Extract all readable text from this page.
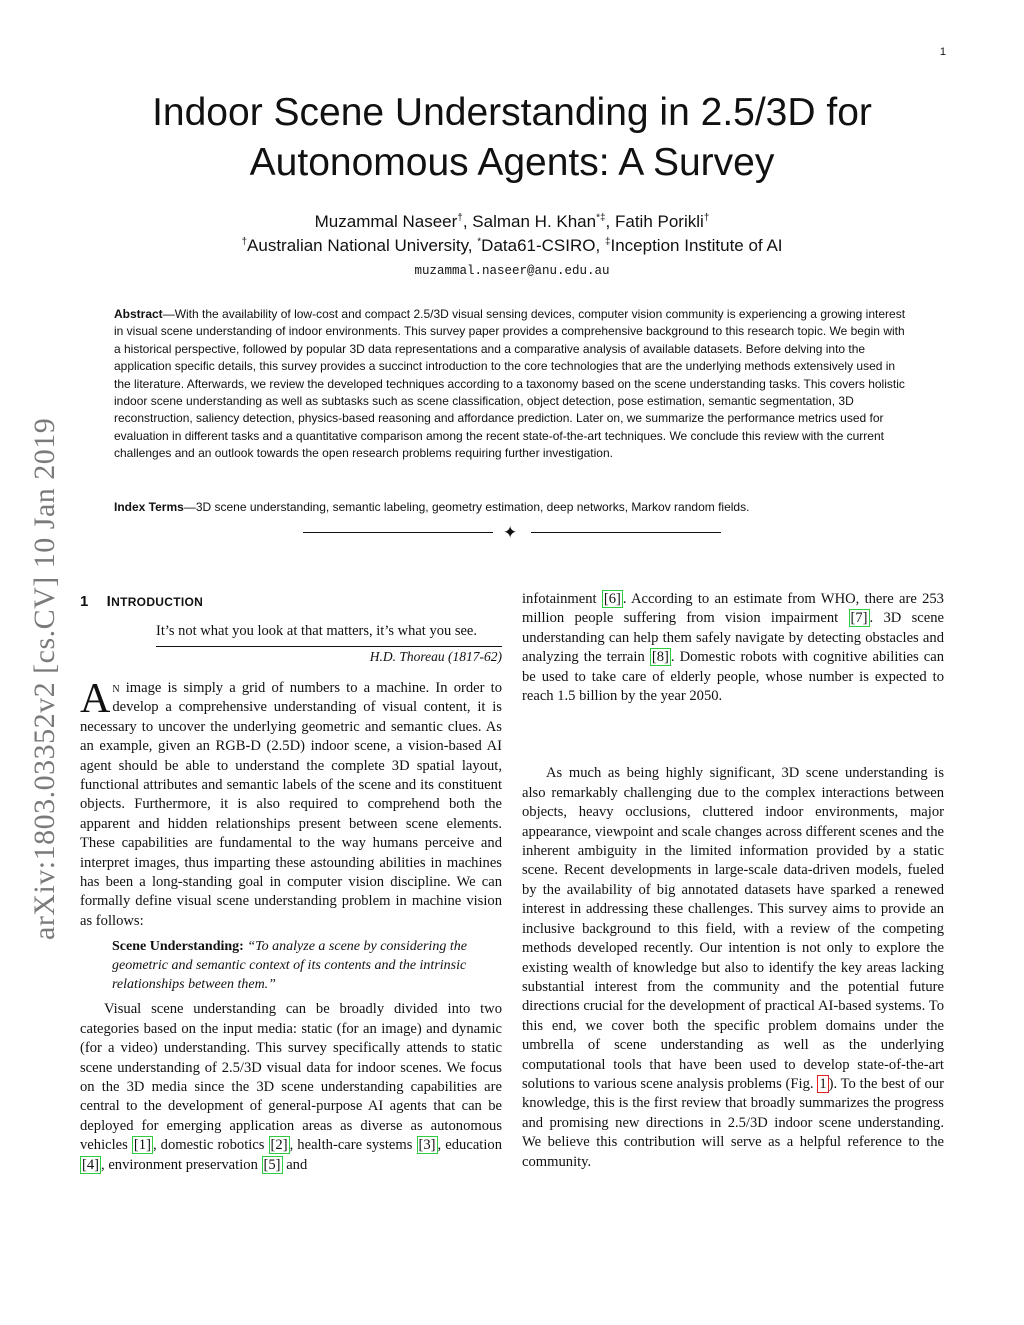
1
arXiv:1803.03352v2 [cs.CV] 10 Jan 2019
Indoor Scene Understanding in 2.5/3D for
Autonomous Agents: A Survey
Muzammal Naseer†, Salman H. Khan*‡, Fatih Porikli†
†Australian National University, *Data61-CSIRO, ‡Inception Institute of AI
muzammal.naseer@anu.edu.au
Abstract—With the availability of low-cost and compact 2.5/3D visual sensing devices, computer vision community is experiencing a growing interest in visual scene understanding of indoor environments. This survey paper provides a comprehensive background to this research topic. We begin with a historical perspective, followed by popular 3D data representations and a comparative analysis of available datasets. Before delving into the application specific details, this survey provides a succinct introduction to the core technologies that are the underlying methods extensively used in the literature. Afterwards, we review the developed techniques according to a taxonomy based on the scene understanding tasks. This covers holistic indoor scene understanding as well as subtasks such as scene classification, object detection, pose estimation, semantic segmentation, 3D reconstruction, saliency detection, physics-based reasoning and affordance prediction. Later on, we summarize the performance metrics used for evaluation in different tasks and a quantitative comparison among the recent state-of-the-art techniques. We conclude this review with the current challenges and an outlook towards the open research problems requiring further investigation.
Index Terms—3D scene understanding, semantic labeling, geometry estimation, deep networks, Markov random fields.
✦
1 INTRODUCTION
It’s not what you look at that matters, it’s what you see.
H.D. Thoreau (1817-62)

An image is simply a grid of numbers to a machine. In order to develop a comprehensive understanding of visual content, it is necessary to uncover the underlying geometric and semantic clues. As an example, given an RGB-D (2.5D) indoor scene, a vision-based AI agent should be able to understand the complete 3D spatial layout, functional attributes and semantic labels of the scene and its constituent objects. Furthermore, it is also required to comprehend both the apparent and hidden relationships present between scene elements. These capabilities are fundamental to the way humans perceive and interpret images, thus imparting these astounding abilities in machines has been a long-standing goal in computer vision discipline. We can formally define visual scene understanding problem in machine vision as follows:

Scene Understanding: “To analyze a scene by considering the geometric and semantic context of its contents and the intrinsic relationships between them.”

Visual scene understanding can be broadly divided into two categories based on the input media: static (for an image) and dynamic (for a video) understanding. This survey specifically attends to static scene understanding of 2.5/3D visual data for indoor scenes. We focus on the 3D media since the 3D scene understanding capabilities are central to the development of general-purpose AI agents that can be deployed for emerging application areas as diverse as autonomous vehicles [1] , domestic robotics [2] , health-care systems [3] , education [4] , environment preservation [5] and

infotainment [6] . According to an estimate from WHO, there are 253 million people suffering from vision impairment [7] . 3D scene understanding can help them safely navigate by detecting obstacles and analyzing the terrain [8] . Domestic robots with cognitive abilities can be used to take care of elderly people, whose number is expected to reach 1.5 billion by the year 2050.

As much as being highly significant, 3D scene understanding is also remarkably challenging due to the complex interactions between objects, heavy occlusions, cluttered indoor environments, major appearance, viewpoint and scale changes across different scenes and the inherent ambiguity in the limited information provided by a static scene. Recent developments in large-scale data-driven models, fueled by the availability of big annotated datasets have sparked a renewed interest in addressing these challenges. This survey aims to provide an inclusive background to this field, with a review of the competing methods developed recently. Our intention is not only to explore the existing wealth of knowledge but also to identify the key areas lacking substantial interest from the community and the potential future directions crucial for the development of practical AI-based systems. To this end, we cover both the specific problem domains under the umbrella of scene understanding as well as the underlying computational tools that have been used to develop state-of-the-art solutions to various scene analysis problems (Fig. 1 ). To the best of our knowledge, this is the first review that broadly summarizes the progress and promising new directions in 2.5/3D indoor scene understanding. We believe this contribution will serve as a helpful reference to the community.
